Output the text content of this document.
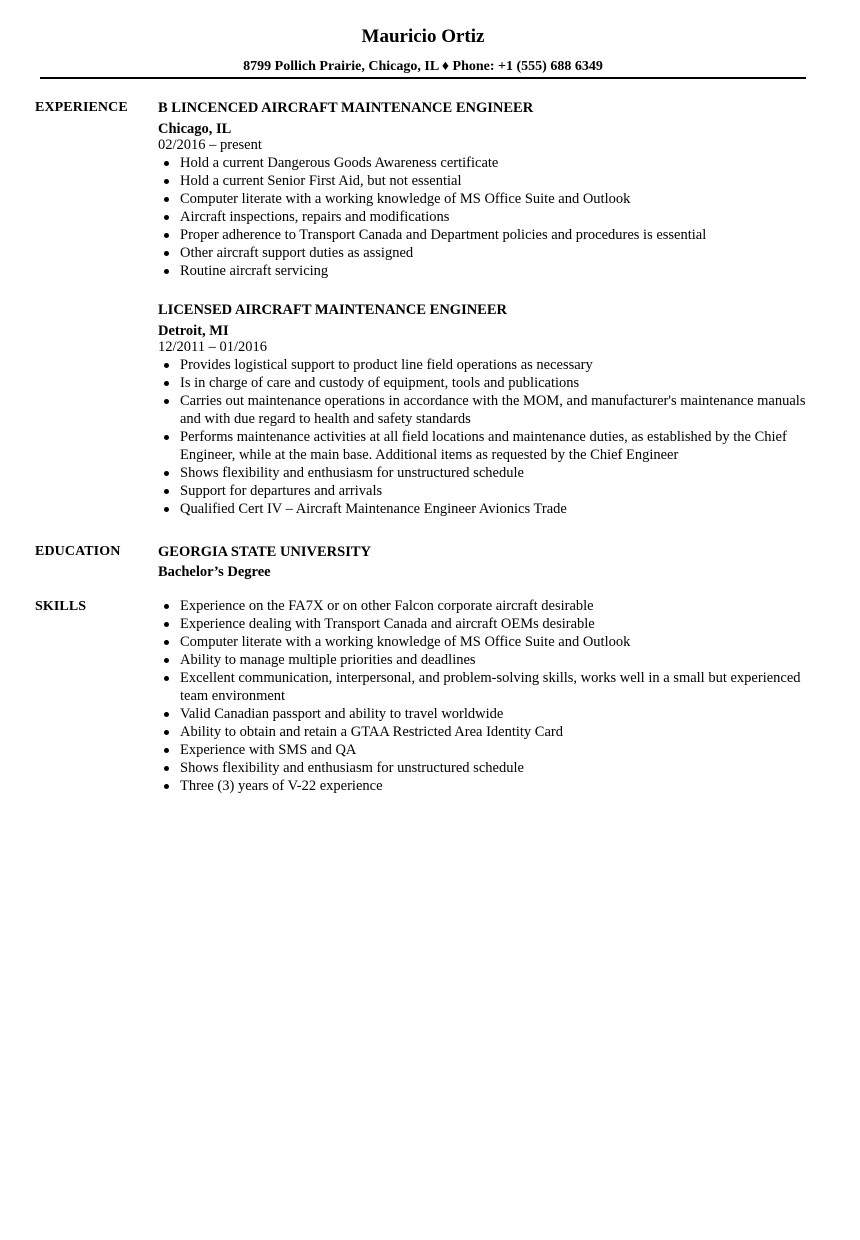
Mauricio Ortiz
8799 Pollich Prairie, Chicago, IL ♦ Phone: +1 (555) 688 6349
EXPERIENCE B LINCENCED AIRCRAFT MAINTENANCE ENGINEER
Chicago, IL
02/2016 – present
Hold a current Dangerous Goods Awareness certificate
Hold a current Senior First Aid, but not essential
Computer literate with a working knowledge of MS Office Suite and Outlook
Aircraft inspections, repairs and modifications
Proper adherence to Transport Canada and Department policies and procedures is essential
Other aircraft support duties as assigned
Routine aircraft servicing
LICENSED AIRCRAFT MAINTENANCE ENGINEER
Detroit, MI
12/2011 – 01/2016
Provides logistical support to product line field operations as necessary
Is in charge of care and custody of equipment, tools and publications
Carries out maintenance operations in accordance with the MOM, and manufacturer's maintenance manuals and with due regard to health and safety standards
Performs maintenance activities at all field locations and maintenance duties, as established by the Chief Engineer, while at the main base. Additional items as requested by the Chief Engineer
Shows flexibility and enthusiasm for unstructured schedule
Support for departures and arrivals
Qualified Cert IV – Aircraft Maintenance Engineer Avionics Trade
EDUCATION	GEORGIA STATE UNIVERSITY
Bachelor’s Degree
SKILLS	Experience on the FA7X or on other Falcon corporate aircraft desirable
Experience dealing with Transport Canada and aircraft OEMs desirable
Computer literate with a working knowledge of MS Office Suite and Outlook
Ability to manage multiple priorities and deadlines
Excellent communication, interpersonal, and problem-solving skills, works well in a small but experienced team environment
Valid Canadian passport and ability to travel worldwide
Ability to obtain and retain a GTAA Restricted Area Identity Card
Experience with SMS and QA
Shows flexibility and enthusiasm for unstructured schedule
Three (3) years of V-22 experience
